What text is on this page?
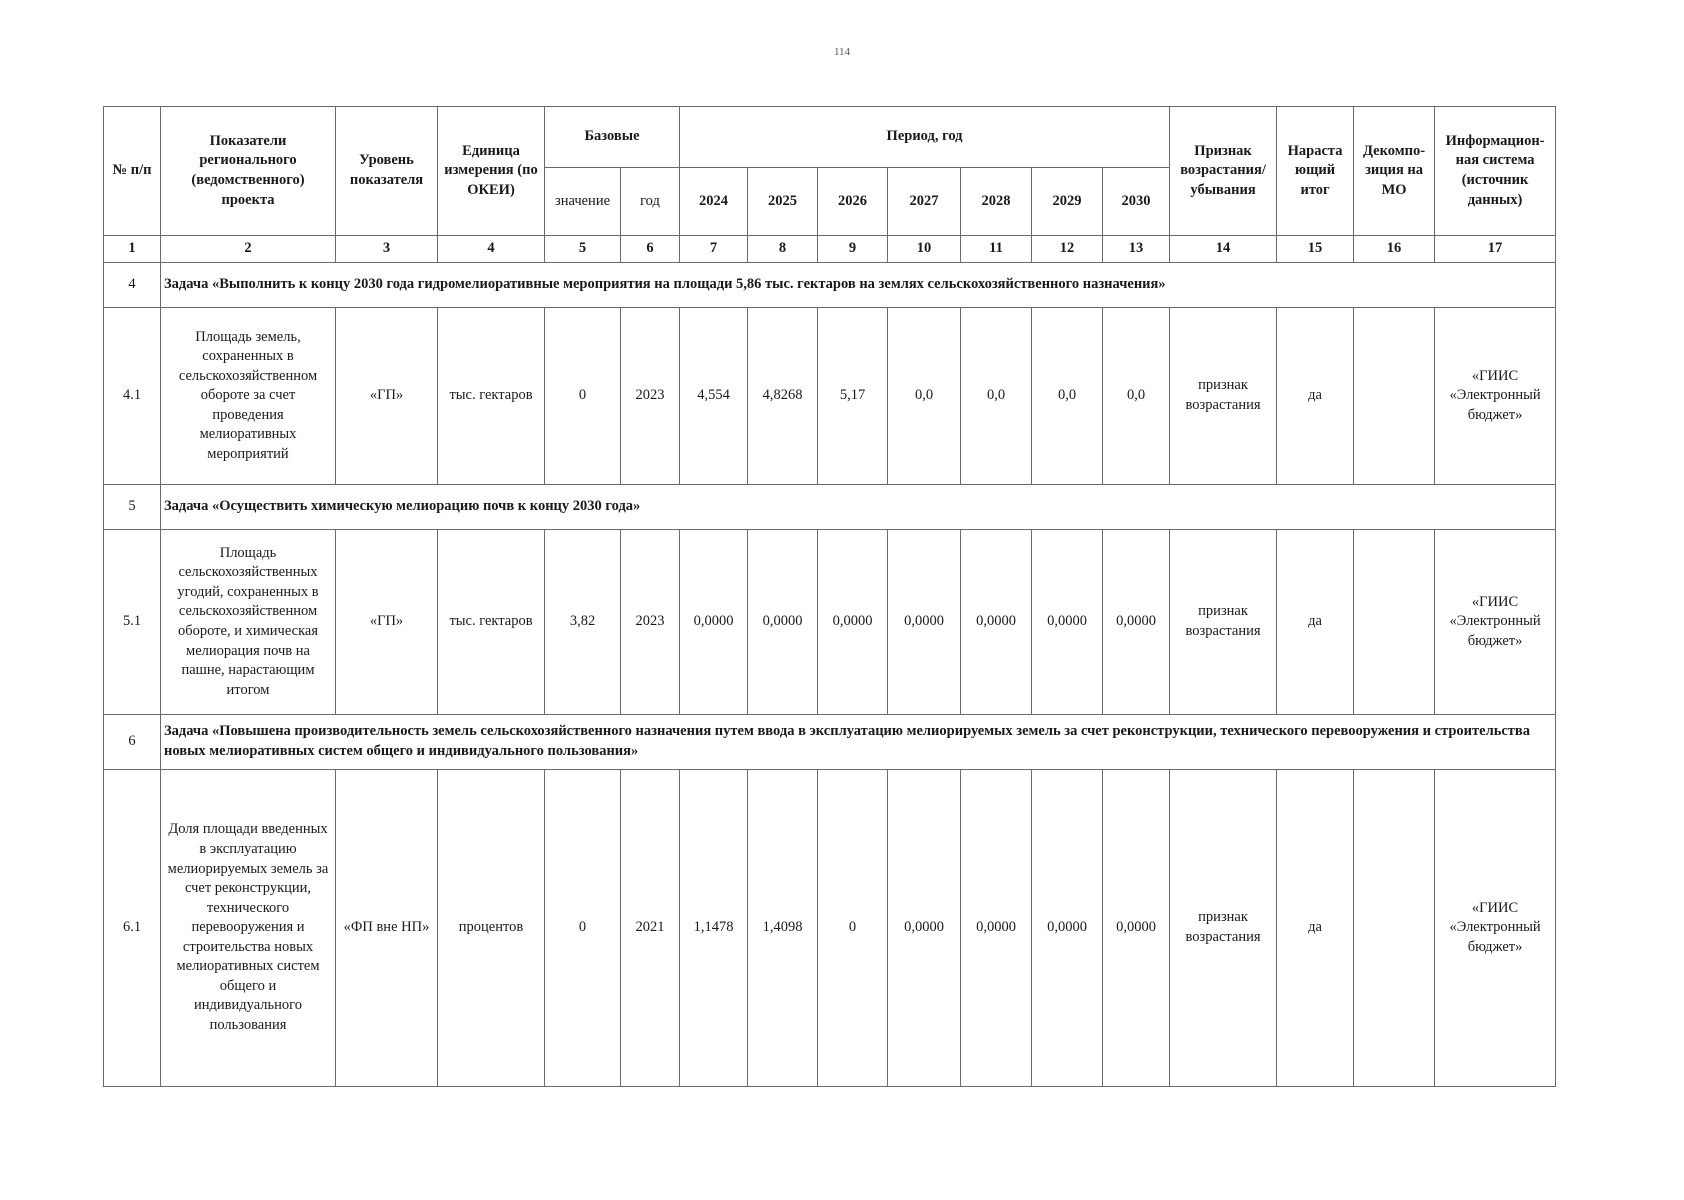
114
№ п/п	Показатели регионального (ведомственного) проекта	Уровень показателя	Единица измерения (по ОКЕИ)	Базовые		Период, год							Признак возрастания/ убывания	Нараста ющий итог	Декомпо- зиция на МО	Информацион- ная система (источник данных)
				значение	год	2024	2025	2026	2027	2028	2029	2030				
1	2	3	4	5	6	7	8	9	10	11	12	13	14	15	16	17
4	Задача «Выполнить к концу 2030 года гидромелиоративные мероприятия на площади 5,86 тыс. гектаров на землях сельскохозяйственного назначения»															
4.1	Площадь земель, сохраненных в сельскохозяйственном обороте за счет проведения мелиоративных мероприятий	«ГП»	тыс. гектаров	0	2023	4,554	4,8268	5,17	0,0	0,0	0,0	0,0	признак возрастания	да		«ГИИС «Электронный бюджет»
5	Задача «Осуществить химическую мелиорацию почв к концу 2030 года»															
5.1	Площадь сельскохозяйственных угодий, сохраненных в сельскохозяйственном обороте, и химическая мелиорация почв на пашне, нарастающим итогом	«ГП»	тыс. гектаров	3,82	2023	0,0000	0,0000	0,0000	0,0000	0,0000	0,0000	0,0000	признак возрастания	да		«ГИИС «Электронный бюджет»
6	Задача «Повышена производительность земель сельскохозяйственного назначения путем ввода в эксплуатацию мелиорируемых земель за счет реконструкции, технического перевооружения и строительства новых мелиоративных систем общего и индивидуального пользования»															
6.1	Доля площади введенных в эксплуатацию мелиорируемых земель за счет реконструкции, технического перевооружения и строительства новых мелиоративных систем общего и индивидуального пользования	«ФП вне НП»	процентов	0	2021	1,1478	1,4098	0	0,0000	0,0000	0,0000	0,0000	признак возрастания	да		«ГИИС «Электронный бюджет»
